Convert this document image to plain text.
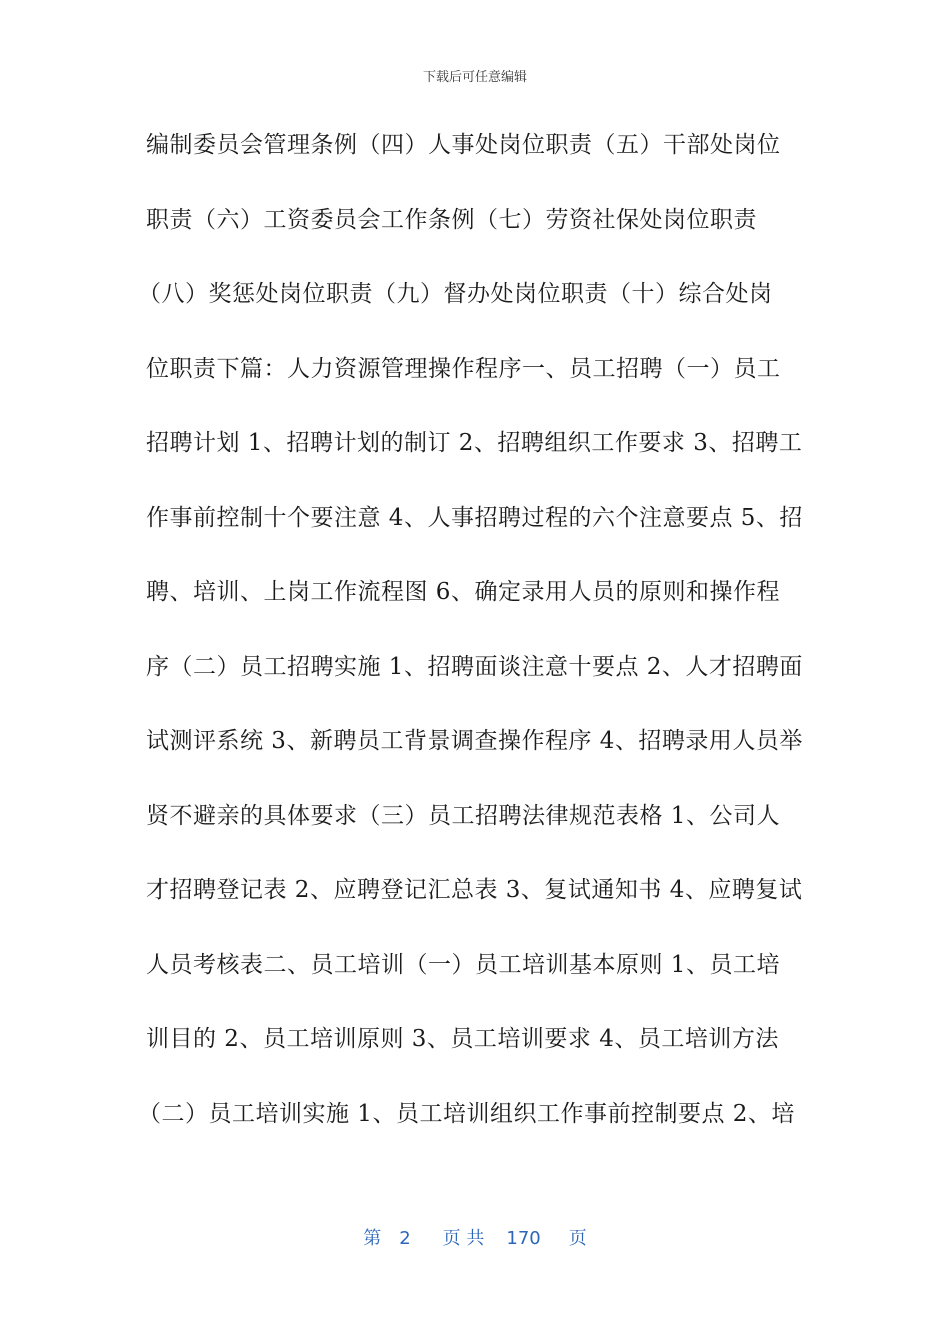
下载后可任意编辑
编制委员会管理条例（四）人事处岗位职责（五）干部处岗位
职责（六）工资委员会工作条例（七）劳资社保处岗位职责
（八）奖惩处岗位职责（九）督办处岗位职责（十）综合处岗
位职责下篇：人力资源管理操作程序一、员工招聘（一）员工
招聘计划 1、招聘计划的制订 2、招聘组织工作要求 3、招聘工
作事前控制十个要注意 4、人事招聘过程的六个注意要点 5、招
聘、培训、上岗工作流程图 6、确定录用人员的原则和操作程
序（二）员工招聘实施 1、招聘面谈注意十要点 2、人才招聘面
试测评系统 3、新聘员工背景调查操作程序 4、招聘录用人员举
贤不避亲的具体要求（三）员工招聘法律规范表格 1、公司人
才招聘登记表 2、应聘登记汇总表 3、复试通知书 4、应聘复试
人员考核表二、员工培训（一）员工培训基本原则 1、员工培
训目的 2、员工培训原则 3、员工培训要求 4、员工培训方法
（二）员工培训实施 1、员工培训组织工作事前控制要点 2、培
第 2 页 共 170 页
